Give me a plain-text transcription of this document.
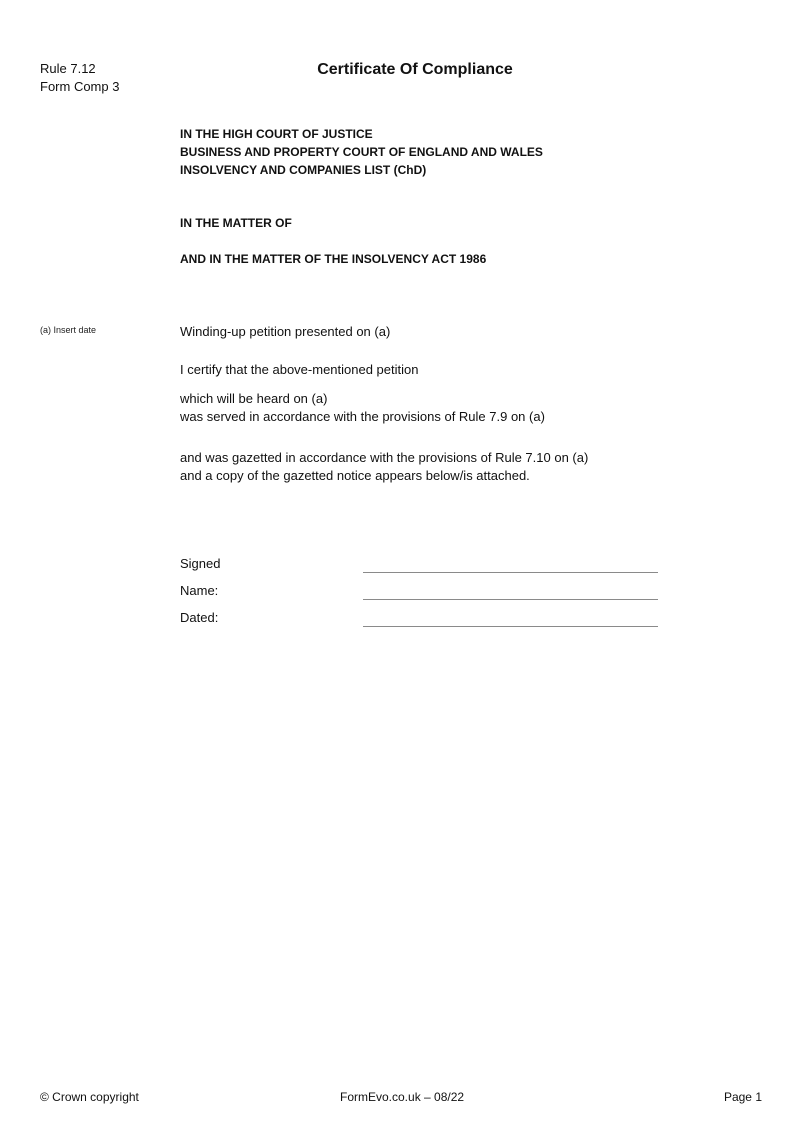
Rule 7.12
Form Comp 3
Certificate Of Compliance
IN THE HIGH COURT OF JUSTICE
BUSINESS AND PROPERTY COURT OF ENGLAND AND WALES
INSOLVENCY AND COMPANIES LIST (ChD)
IN THE MATTER OF
AND IN THE MATTER OF THE INSOLVENCY ACT 1986
(a) Insert date	Winding-up petition presented on (a)
I certify that the above-mentioned petition
which will be heard on (a)
was served in accordance with the provisions of Rule 7.9 on (a)
and was gazetted in accordance with the provisions of Rule 7.10 on (a)
and a copy of the gazetted notice appears below/is attached.
Signed
Name:
Dated:
© Crown copyright	FormEvo.co.uk – 08/22	Page 1
